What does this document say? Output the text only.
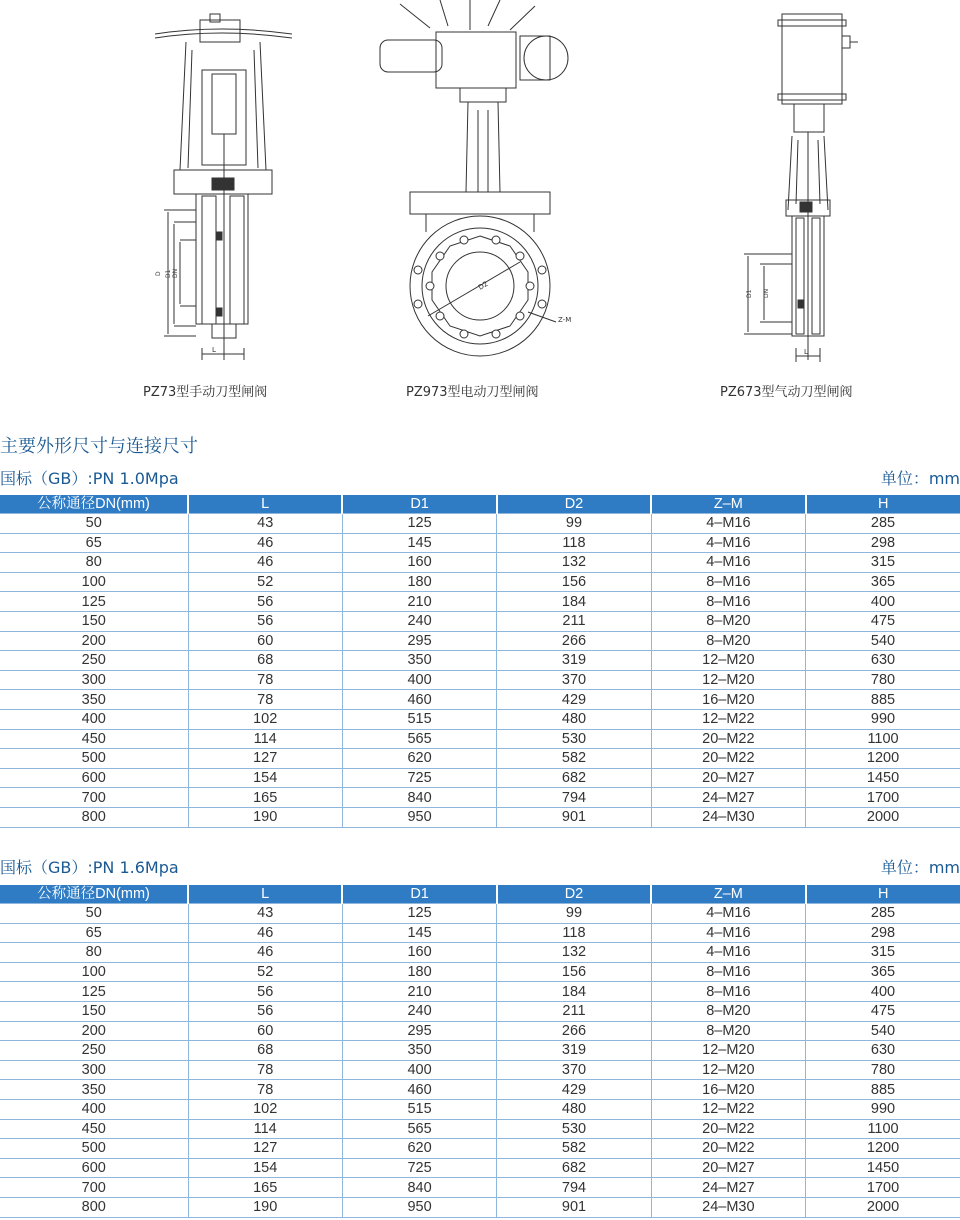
D D1 DN
L
PZ73型手动刀型闸阀
D2
Z-M
PZ973型电动刀型闸阀
D1 DN
L
PZ673型气动刀型闸阀
主要外形尺寸与连接尺寸
国标（GB）:PN 1.0Mpa	单位：mm
公称通径DN(mm)	L	D1	D2	Z–M	H
50	43	125	99	4–M16	285
65	46	145	118	4–M16	298
80	46	160	132	4–M16	315
100	52	180	156	8–M16	365
125	56	210	184	8–M16	400
150	56	240	211	8–M20	475
200	60	295	266	8–M20	540
250	68	350	319	12–M20	630
300	78	400	370	12–M20	780
350	78	460	429	16–M20	885
400	102	515	480	12–M22	990
450	114	565	530	20–M22	1100
500	127	620	582	20–M22	1200
600	154	725	682	20–M27	1450
700	165	840	794	24–M27	1700
800	190	950	901	24–M30	2000
国标（GB）:PN 1.6Mpa	单位：mm
公称通径DN(mm)	L	D1	D2	Z–M	H
50	43	125	99	4–M16	285
65	46	145	118	4–M16	298
80	46	160	132	4–M16	315
100	52	180	156	8–M16	365
125	56	210	184	8–M16	400
150	56	240	211	8–M20	475
200	60	295	266	8–M20	540
250	68	350	319	12–M20	630
300	78	400	370	12–M20	780
350	78	460	429	16–M20	885
400	102	515	480	12–M22	990
450	114	565	530	20–M22	1100
500	127	620	582	20–M22	1200
600	154	725	682	20–M27	1450
700	165	840	794	24–M27	1700
800	190	950	901	24–M30	2000
